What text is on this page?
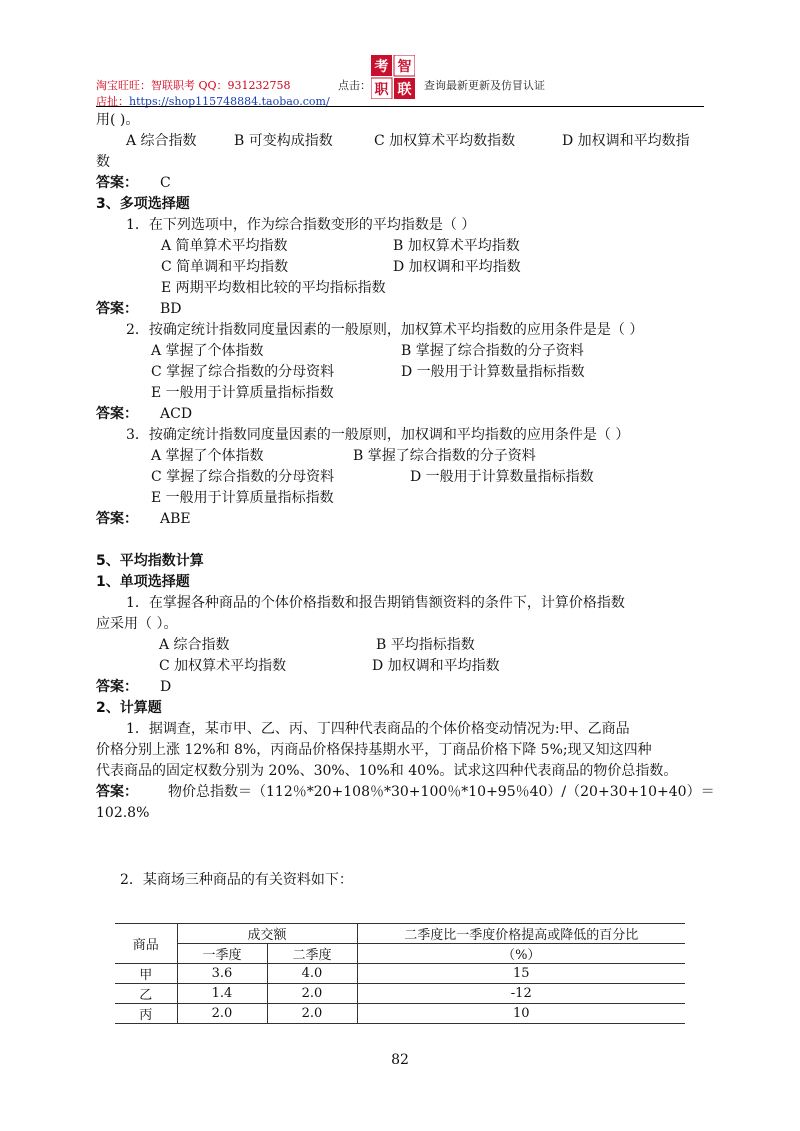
淘宝旺旺：智联职考 QQ：931232758
店扯：https://shop115748884.taobao.com/
点击：
考 智
职 联 查询最新更新及仿冒认证
用( )。
A 综合指数	B 可变构成指数	C 加权算术平均数指数	D 加权调和平均数指
数
答案： C
3、多项选择题
1．在下列选项中，作为综合指数变形的平均指数是（ ）
A 简单算术平均指数	B 加权算术平均指数
C 简单调和平均指数	D 加权调和平均指数
E 两期平均数相比较的平均指标指数
答案： BD
2．按确定统计指数同度量因素的一般原则，加权算术平均指数的应用条件是是（ ）
A 掌握了个体指数	B 掌握了综合指数的分子资料
C 掌握了综合指数的分母资料	D 一般用于计算数量指标指数
E 一般用于计算质量指标指数
答案： ACD
3．按确定统计指数同度量因素的一般原则，加权调和平均指数的应用条件是（ ）
A 掌握了个体指数	B 掌握了综合指数的分子资料
C 掌握了综合指数的分母资料	D 一般用于计算数量指标指数
E 一般用于计算质量指标指数
答案： ABE
5、平均指数计算
1、单项选择题
1．在掌握各种商品的个体价格指数和报告期销售额资料的条件下，计算价格指数
应采用（ ）。
A 综合指数	B 平均指标指数
C 加权算术平均指数	D 加权调和平均指数
答案： D
2、计算题
1．据调查，某市甲、乙、丙、丁四种代表商品的个体价格变动情况为:甲、乙商品
价格分别上涨 12%和 8%，丙商品价格保持基期水平，丁商品价格下降 5%;现又知这四种
代表商品的固定权数分别为 20%、30%、10%和 40%。试求这四种代表商品的物价总指数。
答案： 物价总指数＝（112％*20+108％*30+100％*10+95％40）/（20+30+10+40）＝
102.8%
2．某商场三种商品的有关资料如下：
商品	成交额		二季度比一季度价格提高或降低的百分比
	一季度	二季度	（%）
甲	3.6	4.0	15
乙	1.4	2.0	-12
丙	2.0	2.0	10
82
